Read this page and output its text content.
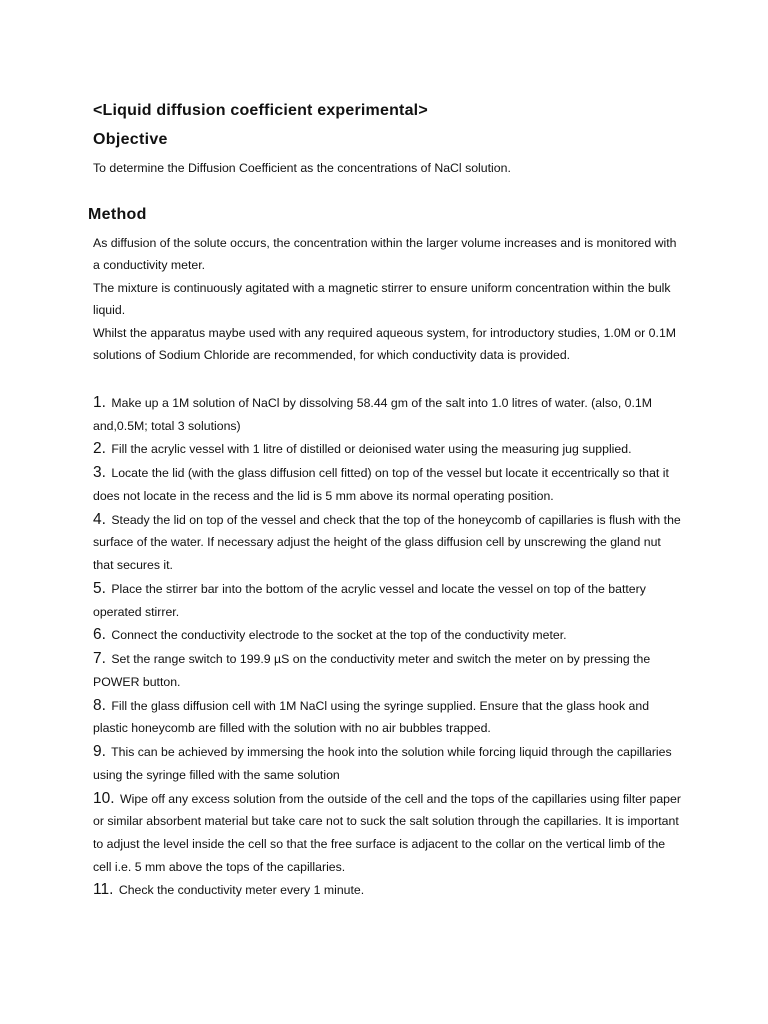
<Liquid diffusion coefficient experimental>
Objective

To determine the Diffusion Coefficient as the concentrations of NaCl solution.

Method

As diffusion of the solute occurs, the concentration within the larger volume increases and is monitored with a conductivity meter.

The mixture is continuously agitated with a magnetic stirrer to ensure uniform concentration within the bulk liquid.

Whilst the apparatus maybe used with any required aqueous system, for introductory studies, 1.0M or 0.1M solutions of Sodium Chloride are recommended, for which conductivity data is provided.

1. Make up a 1M solution of NaCl by dissolving 58.44 gm of the salt into 1.0 litres of water. (also, 0.1M and,0.5M; total 3 solutions)
2. Fill the acrylic vessel with 1 litre of distilled or deionised water using the measuring jug supplied.
3. Locate the lid (with the glass diffusion cell fitted) on top of the vessel but locate it eccentrically so that it does not locate in the recess and the lid is 5 mm above its normal operating position.
4. Steady the lid on top of the vessel and check that the top of the honeycomb of capillaries is flush with the surface of the water. If necessary adjust the height of the glass diffusion cell by unscrewing the gland nut that secures it.
5. Place the stirrer bar into the bottom of the acrylic vessel and locate the vessel on top of the battery operated stirrer.
6. Connect the conductivity electrode to the socket at the top of the conductivity meter.
7. Set the range switch to 199.9 µS on the conductivity meter and switch the meter on by pressing the POWER button.
8. Fill the glass diffusion cell with 1M NaCl using the syringe supplied. Ensure that the glass hook and plastic honeycomb are filled with the solution with no air bubbles trapped.
9. This can be achieved by immersing the hook into the solution while forcing liquid through the capillaries using the syringe filled with the same solution
10. Wipe off any excess solution from the outside of the cell and the tops of the capillaries using filter paper or similar absorbent material but take care not to suck the salt solution through the capillaries. It is important to adjust the level inside the cell so that the free surface is adjacent to the collar on the vertical limb of the cell i.e. 5 mm above the tops of the capillaries.
11. Check the conductivity meter every 1 minute.
